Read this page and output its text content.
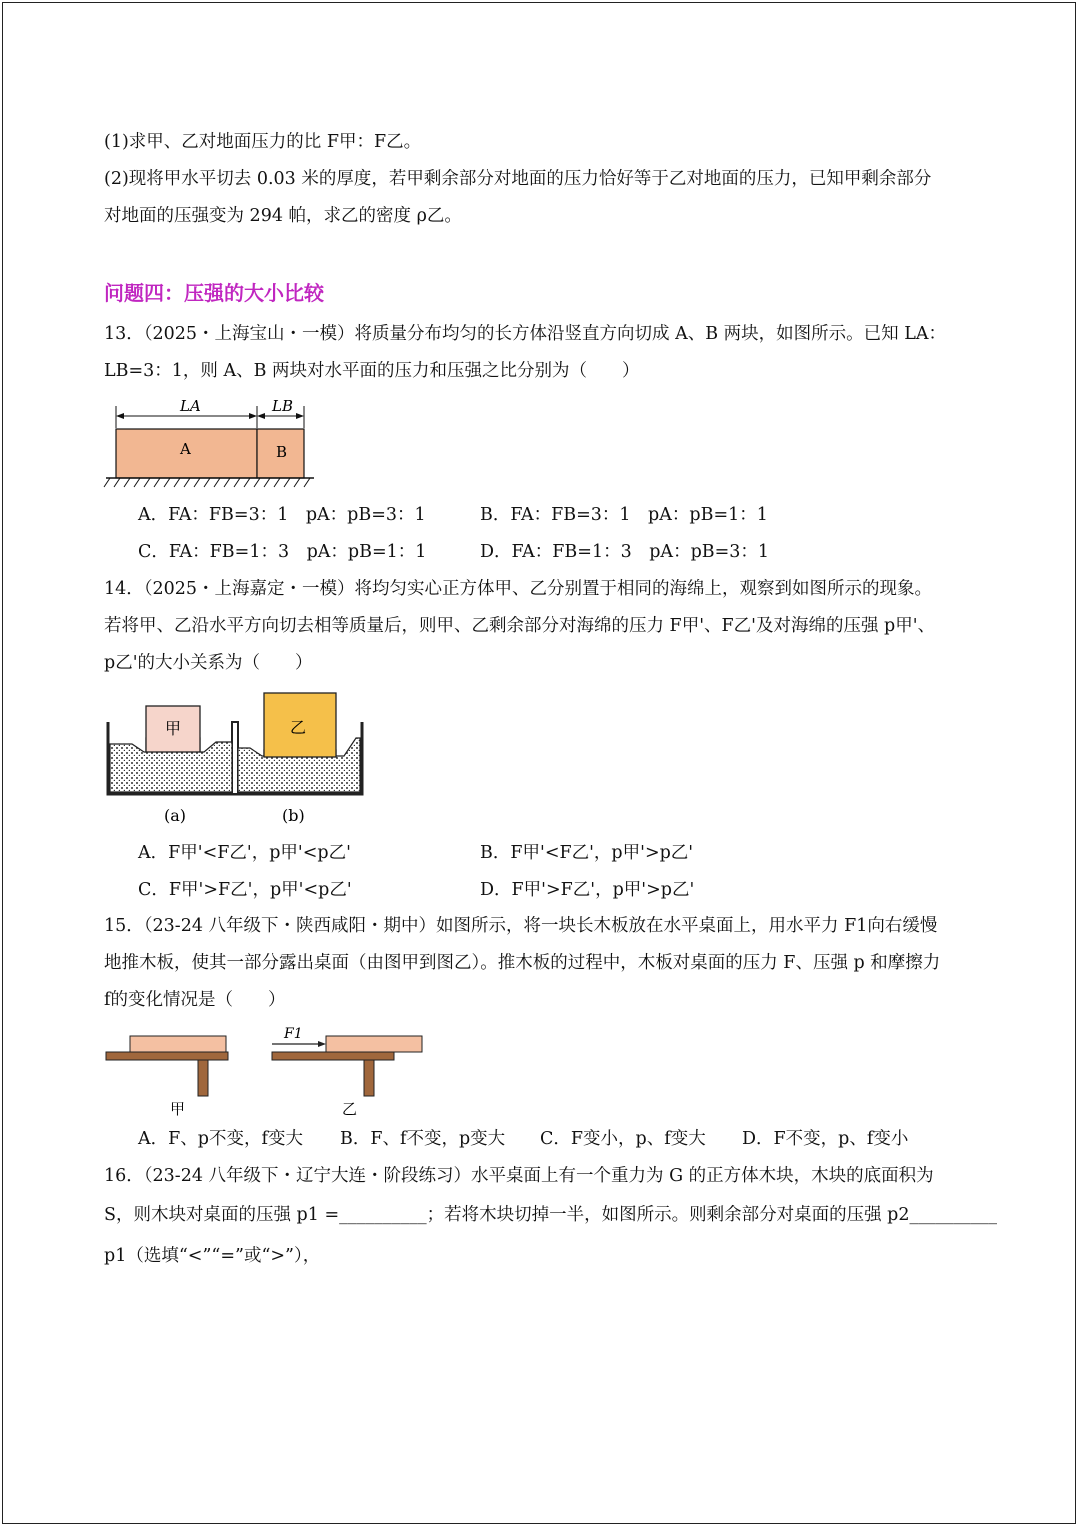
(1)求甲、乙对地面压力的比 F甲：F乙。
(2)现将甲水平切去 0.03 米的厚度，若甲剩余部分对地面的压力恰好等于乙对地面的压力，已知甲剩余部分
对地面的压强变为 294 帕，求乙的密度 ρ乙。
问题四：压强的大小比较
13．（2025・上海宝山・一模）将质量分布均匀的长方体沿竖直方向切成 A、B 两块，如图所示。已知 LA：
LB=3：1，则 A、B 两块对水平面的压力和压强之比分别为（　　）
LA	LB
A	B
A．FA：FB=3：1　pA：pB=3：1	B．FA：FB=3：1　pA：pB=1：1
C．FA：FB=1：3　pA：pB=1：1	D．FA：FB=1：3　pA：pB=3：1
14．（2025・上海嘉定・一模）将均匀实心正方体甲、乙分别置于相同的海绵上，观察到如图所示的现象。
若将甲、乙沿水平方向切去相等质量后，则甲、乙剩余部分对海绵的压力 F甲'、F乙'及对海绵的压强 p甲'、
p乙'的大小关系为（　　）
甲	乙
(a)	(b)
A．F甲'<F乙'，p甲'<p乙'	B．F甲'<F乙'，p甲'>p乙'
C．F甲'>F乙'，p甲'<p乙'	D．F甲'>F乙'，p甲'>p乙'
15．（23-24 八年级下・陕西咸阳・期中）如图所示，将一块长木板放在水平桌面上，用水平力 F1向右缓慢
地推木板，使其一部分露出桌面（由图甲到图乙）。推木板的过程中，木板对桌面的压力 F、压强 p 和摩擦力
f的变化情况是（　　）
甲
F1
乙
A．F、p不变，f变大 B．F、f不变，p变大 C．F变小，p、f变大 D．F不变，p、f变小
16．（23-24 八年级下・辽宁大连・阶段练习）水平桌面上有一个重力为 G 的正方体木块，木块的底面积为
S，则木块对桌面的压强 p1 =__________；若将木块切掉一半，如图所示。则剩余部分对桌面的压强 p2__________
p1（选填“<”“=”或“>”），
